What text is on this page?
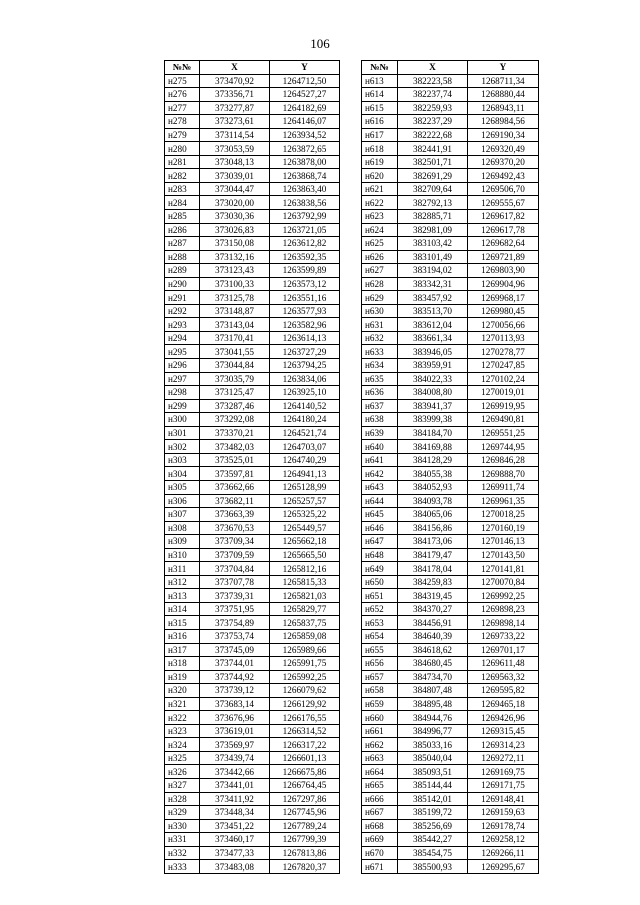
106
№№	X	Y
н275	373470,92	1264712,50
н276	373356,71	1264527,27
н277	373277,87	1264182,69
н278	373273,61	1264146,07
н279	373114,54	1263934,52
н280	373053,59	1263872,65
н281	373048,13	1263878,00
н282	373039,01	1263868,74
н283	373044,47	1263863,40
н284	373020,00	1263838,56
н285	373030,36	1263792,99
н286	373026,83	1263721,05
н287	373150,08	1263612,82
н288	373132,16	1263592,35
н289	373123,43	1263599,89
н290	373100,33	1263573,12
н291	373125,78	1263551,16
н292	373148,87	1263577,93
н293	373143,04	1263582,96
н294	373170,41	1263614,13
н295	373041,55	1263727,29
н296	373044,84	1263794,25
н297	373035,79	1263834,06
н298	373125,47	1263925,10
н299	373287,46	1264140,52
н300	373292,08	1264180,24
н301	373370,21	1264521,74
н302	373482,03	1264703,07
н303	373525,01	1264740,29
н304	373597,81	1264941,13
н305	373662,66	1265128,99
н306	373682,11	1265257,57
н307	373663,39	1265325,22
н308	373670,53	1265449,57
н309	373709,34	1265662,18
н310	373709,59	1265665,50
н311	373704,84	1265812,16
н312	373707,78	1265815,33
н313	373739,31	1265821,03
н314	373751,95	1265829,77
н315	373754,89	1265837,75
н316	373753,74	1265859,08
н317	373745,09	1265989,66
н318	373744,01	1265991,75
н319	373744,92	1265992,25
н320	373739,12	1266079,62
н321	373683,14	1266129,92
н322	373676,96	1266176,55
н323	373619,01	1266314,52
н324	373569,97	1266317,22
н325	373439,74	1266601,13
н326	373442,66	1266675,86
н327	373441,01	1266764,45
н328	373411,92	1267297,86
н329	373448,34	1267745,96
н330	373451,22	1267789,24
н331	373460,17	1267799,39
н332	373477,33	1267813,86
н333	373483,08	1267820,37
№№	X	Y
н613	382223,58	1268711,34
н614	382237,74	1268880,44
н615	382259,93	1268943,11
н616	382237,29	1268984,56
н617	382222,68	1269190,34
н618	382441,91	1269320,49
н619	382501,71	1269370,20
н620	382691,29	1269492,43
н621	382709,64	1269506,70
н622	382792,13	1269555,67
н623	382885,71	1269617,82
н624	382981,09	1269617,78
н625	383103,42	1269682,64
н626	383101,49	1269721,89
н627	383194,02	1269803,90
н628	383342,31	1269904,96
н629	383457,92	1269968,17
н630	383513,70	1269980,45
н631	383612,04	1270056,66
н632	383661,34	1270113,93
н633	383946,05	1270278,77
н634	383959,91	1270247,85
н635	384022,33	1270102,24
н636	384008,80	1270019,01
н637	383941,37	1269919,95
н638	383999,38	1269490,81
н639	384184,70	1269551,25
н640	384169,88	1269744,95
н641	384128,29	1269846,28
н642	384055,38	1269888,70
н643	384052,93	1269911,74
н644	384093,78	1269961,35
н645	384065,06	1270018,25
н646	384156,86	1270160,19
н647	384173,06	1270146,13
н648	384179,47	1270143,50
н649	384178,04	1270141,81
н650	384259,83	1270070,84
н651	384319,45	1269992,25
н652	384370,27	1269898,23
н653	384456,91	1269898,14
н654	384640,39	1269733,22
н655	384618,62	1269701,17
н656	384680,45	1269611,48
н657	384734,70	1269563,32
н658	384807,48	1269595,82
н659	384895,48	1269465,18
н660	384944,76	1269426,96
н661	384996,77	1269315,45
н662	385033,16	1269314,23
н663	385040,04	1269272,11
н664	385093,51	1269169,75
н665	385144,44	1269171,75
н666	385142,01	1269148,41
н667	385199,72	1269159,63
н668	385256,69	1269178,74
н669	385442,27	1269258,12
н670	385454,75	1269266,11
н671	385500,93	1269295,67
